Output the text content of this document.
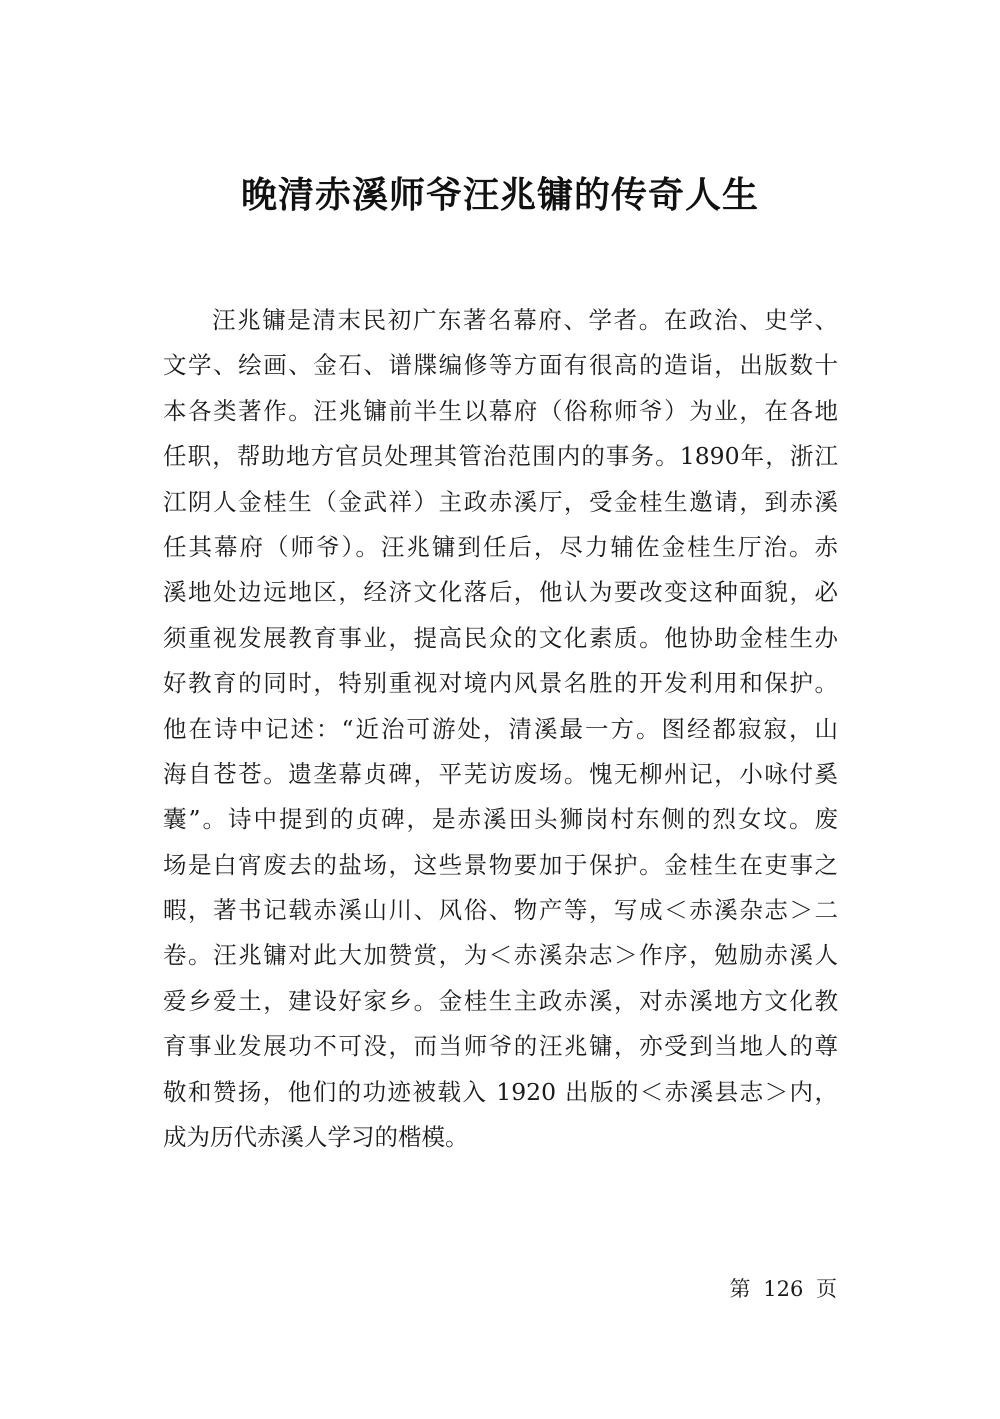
晚清赤溪师爷汪兆镛的传奇人生
汪兆镛是清末民初广东著名幕府、学者。在政治、史学、
文学、绘画、金石、谱牒编修等方面有很高的造诣，出版数十
本各类著作。汪兆镛前半生以幕府（俗称师爷）为业，在各地
任职，帮助地方官员处理其管治范围内的事务。1890年，浙江
江阴人金桂生（金武祥）主政赤溪厅，受金桂生邀请，到赤溪
任其幕府（师爷）。汪兆镛到任后，尽力辅佐金桂生厅治。赤
溪地处边远地区，经济文化落后，他认为要改变这种面貌，必
须重视发展教育事业，提高民众的文化素质。他协助金桂生办
好教育的同时，特别重视对境内风景名胜的开发利用和保护。
他在诗中记述：“近治可游处，清溪最一方。图经都寂寂，山
海自苍苍。遗垄幕贞碑，平芜访废场。愧无柳州记，小咏付奚
囊”。诗中提到的贞碑，是赤溪田头狮岗村东侧的烈女坟。废
场是白宵废去的盐场，这些景物要加于保护。金桂生在吏事之
暇，著书记载赤溪山川、风俗、物产等，写成＜赤溪杂志＞二
卷。汪兆镛对此大加赞赏，为＜赤溪杂志＞作序，勉励赤溪人
爱乡爱土，建设好家乡。金桂生主政赤溪，对赤溪地方文化教
育事业发展功不可没，而当师爷的汪兆镛，亦受到当地人的尊
敬和赞扬，他们的功迹被载入 1920 出版的＜赤溪县志＞内，
成为历代赤溪人学习的楷模。
第 126 页
